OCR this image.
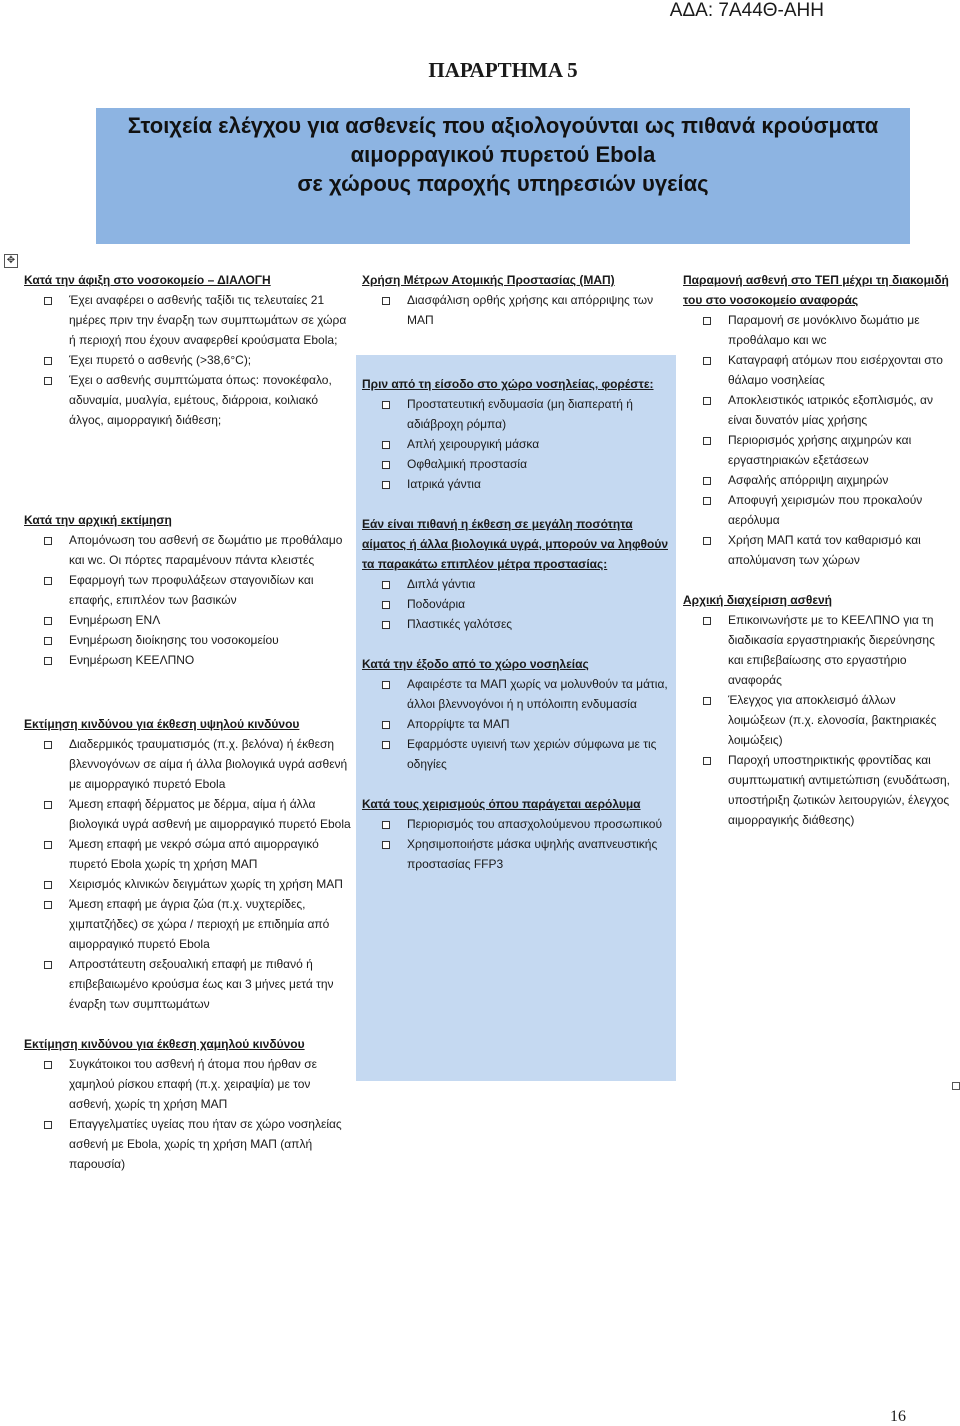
ΑΔΑ: 7Α44Θ-ΑΗΗ
ΠΑΡΑΡΤΗΜΑ 5
Στοιχεία ελέγχου για ασθενείς που αξιολογούνται ως πιθανά κρούσματα
αιμορραγικού πυρετού Ebola
σε χώρους παροχής υπηρεσιών υγείας
✥
Κατά την άφιξη στο νοσοκομείο – ΔΙΑΛΟΓΗ
Έχει αναφέρει ο ασθενής ταξίδι τις τελευταίες 21 ημέρες πριν την έναρξη των συμπτωμάτων σε χώρα ή περιοχή που έχουν αναφερθεί κρούσματα Ebola;
Έχει πυρετό ο ασθενής (>38,6°C);
Έχει ο ασθενής συμπτώματα όπως: πονοκέφαλο, αδυναμία, μυαλγία, εμέτους, διάρροια, κοιλιακό άλγος, αιμορραγική διάθεση;
Κατά την αρχική εκτίμηση
Απομόνωση του ασθενή σε δωμάτιο με προθάλαμο και wc. Οι πόρτες παραμένουν πάντα κλειστές
Εφαρμογή των προφυλάξεων σταγονιδίων και επαφής, επιπλέον των βασικών
Ενημέρωση ΕΝΛ
Ενημέρωση διοίκησης του νοσοκομείου
Ενημέρωση ΚΕΕΛΠΝΟ
Εκτίμηση κινδύνου για έκθεση υψηλού κινδύνου
Διαδερμικός τραυματισμός (π.χ. βελόνα) ή έκθεση βλεννογόνων σε αίμα ή άλλα βιολογικά υγρά ασθενή με αιμορραγικό πυρετό Ebola
Άμεση επαφή δέρματος με δέρμα, αίμα ή άλλα βιολογικά υγρά ασθενή με αιμορραγικό πυρετό Ebola
Άμεση επαφή με νεκρό σώμα από αιμορραγικό πυρετό Ebola χωρίς τη χρήση ΜΑΠ
Χειρισμός κλινικών δειγμάτων χωρίς τη χρήση ΜΑΠ
Άμεση επαφή με άγρια ζώα (π.χ. νυχτερίδες, χιμπατζήδες) σε χώρα / περιοχή με επιδημία από αιμορραγικό πυρετό Ebola
Απροστάτευτη σεξουαλική επαφή με πιθανό ή επιβεβαιωμένο κρούσμα έως και 3 μήνες μετά την έναρξη των συμπτωμάτων
Εκτίμηση κινδύνου για έκθεση χαμηλού κινδύνου
Συγκάτοικοι του ασθενή ή άτομα που ήρθαν σε χαμηλού ρίσκου επαφή (π.χ. χειραψία) με τον ασθενή, χωρίς τη χρήση ΜΑΠ
Επαγγελματίες υγείας που ήταν σε χώρο νοσηλείας ασθενή με Ebola, χωρίς τη χρήση ΜΑΠ (απλή παρουσία)
Χρήση Μέτρων Ατομικής Προστασίας (ΜΑΠ)
Διασφάλιση ορθής χρήσης και απόρριψης των ΜΑΠ
Πριν από τη είσοδο στο χώρο νοσηλείας, φορέστε:
Προστατευτική ενδυμασία (μη διαπερατή ή αδιάβροχη ρόμπα)
Απλή χειρουργική μάσκα
Οφθαλμική προστασία
Ιατρικά γάντια
Εάν είναι πιθανή η έκθεση σε μεγάλη ποσότητα αίματος ή άλλα βιολογικά υγρά, μπορούν να ληφθούν τα παρακάτω επιπλέον μέτρα προστασίας:
Διπλά γάντια
Ποδονάρια
Πλαστικές γαλότσες
Κατά την έξοδο από το χώρο νοσηλείας
Αφαιρέστε τα ΜΑΠ χωρίς να μολυνθούν τα μάτια, άλλοι βλεννογόνοι ή η υπόλοιπη ενδυμασία
Απορρίψτε τα ΜΑΠ
Εφαρμόστε υγιεινή των χεριών σύμφωνα με τις οδηγίες
Κατά τους χειρισμούς όπου παράγεται αερόλυμα
Περιορισμός του απασχολούμενου προσωπικού
Χρησιμοποιήστε μάσκα υψηλής αναπνευστικής προστασίας FFP3
Παραμονή ασθενή στο ΤΕΠ μέχρι τη διακομιδή του στο νοσοκομείο αναφοράς
Παραμονή σε μονόκλινο δωμάτιο με προθάλαμο και wc
Καταγραφή ατόμων που εισέρχονται στο θάλαμο νοσηλείας
Αποκλειστικός ιατρικός εξοπλισμός, αν είναι δυνατόν μίας χρήσης
Περιορισμός χρήσης αιχμηρών και εργαστηριακών εξετάσεων
Ασφαλής απόρριψη αιχμηρών
Αποφυγή χειρισμών που προκαλούν αερόλυμα
Χρήση ΜΑΠ κατά τον καθαρισμό και απολύμανση των χώρων
Αρχική διαχείριση ασθενή
Επικοινωνήστε με το ΚΕΕΛΠΝΟ για τη διαδικασία εργαστηριακής διερεύνησης και επιβεβαίωσης στο εργαστήριο αναφοράς
Έλεγχος για αποκλεισμό άλλων λοιμώξεων (π.χ. ελονοσία, βακτηριακές λοιμώξεις)
Παροχή υποστηρικτικής φροντίδας και συμπτωματική αντιμετώπιση (ενυδάτωση, υποστήριξη ζωτικών λειτουργιών, έλεγχος αιμορραγικής διάθεσης)
16
